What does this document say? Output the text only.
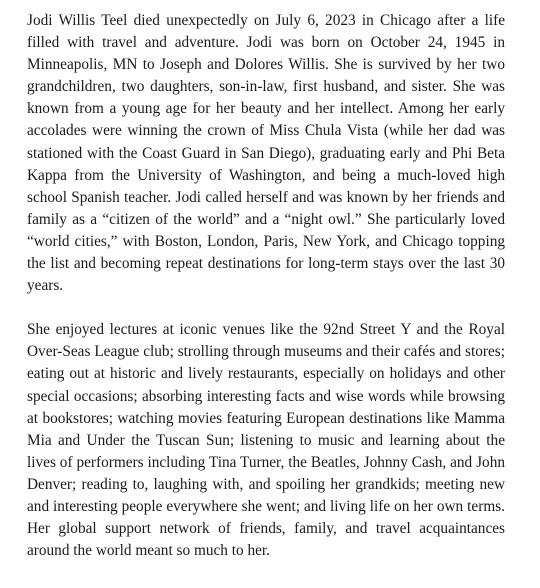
Jodi Willis Teel died unexpectedly on July 6, 2023 in Chicago after a life filled with travel and adventure. Jodi was born on October 24, 1945 in Minneapolis, MN to Joseph and Dolores Willis. She is survived by her two grandchildren, two daughters, son-in-law, first husband, and sister. She was known from a young age for her beauty and her intellect. Among her early accolades were winning the crown of Miss Chula Vista (while her dad was stationed with the Coast Guard in San Diego), graduating early and Phi Beta Kappa from the University of Washington, and being a much-loved high school Spanish teacher. Jodi called herself and was known by her friends and family as a “citizen of the world” and a “night owl.” She particularly loved “world cities,” with Boston, London, Paris, New York, and Chicago topping the list and becoming repeat destinations for long-term stays over the last 30 years.

She enjoyed lectures at iconic venues like the 92nd Street Y and the Royal Over-Seas League club; strolling through museums and their cafés and stores; eating out at historic and lively restaurants, especially on holidays and other special occasions; absorbing interesting facts and wise words while browsing at bookstores; watching movies featuring European destinations like Mamma Mia and Under the Tuscan Sun; listening to music and learning about the lives of performers including Tina Turner, the Beatles, Johnny Cash, and John Denver; reading to, laughing with, and spoiling her grandkids; meeting new and interesting people everywhere she went; and living life on her own terms. Her global support network of friends, family, and travel acquaintances around the world meant so much to her.
